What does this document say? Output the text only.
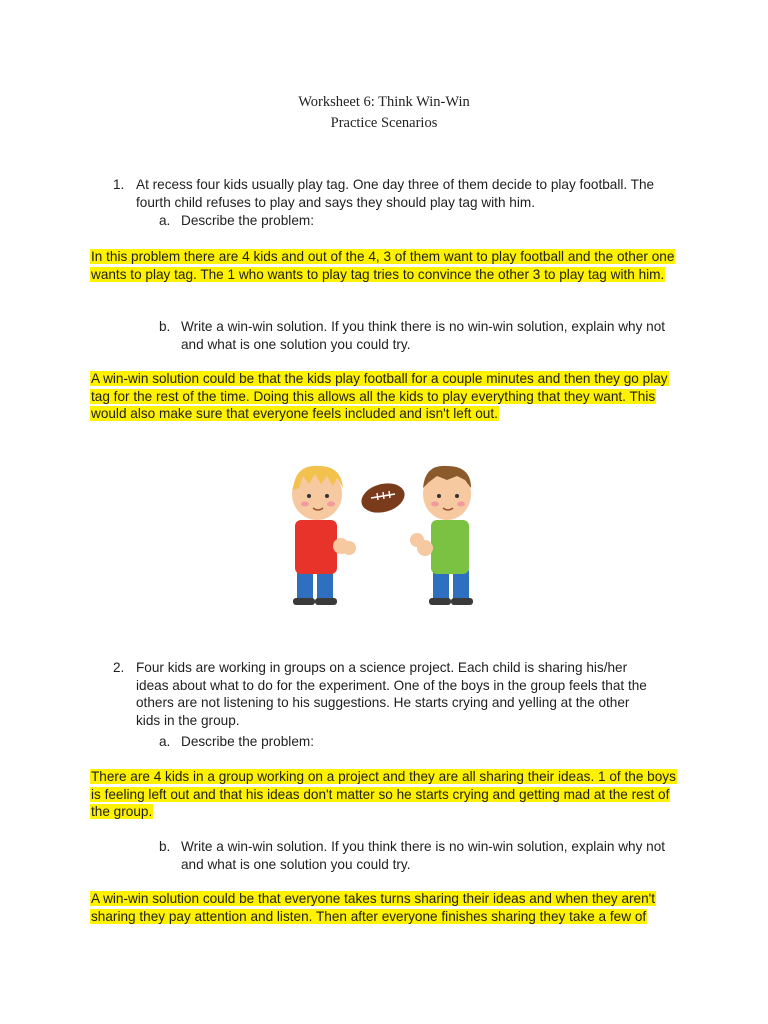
Worksheet 6: Think Win-Win
Practice Scenarios
1. At recess four kids usually play tag. One day three of them decide to play football. The fourth child refuses to play and says they should play tag with him.
a. Describe the problem:
In this problem there are 4 kids and out of the 4, 3 of them want to play football and the other one wants to play tag. The 1 who wants to play tag tries to convince the other 3 to play tag with him.
b. Write a win-win solution. If you think there is no win-win solution, explain why not and what is one solution you could try.
A win-win solution could be that the kids play football for a couple minutes and then they go play tag for the rest of the time. Doing this allows all the kids to play everything that they want. This would also make sure that everyone feels included and isn't left out.
2. Four kids are working in groups on a science project. Each child is sharing his/her ideas about what to do for the experiment. One of the boys in the group feels that the others are not listening to his suggestions. He starts crying and yelling at the other kids in the group.
a. Describe the problem:
There are 4 kids in a group working on a project and they are all sharing their ideas. 1 of the boys is feeling left out and that his ideas don't matter so he starts crying and getting mad at the rest of the group.
b. Write a win-win solution. If you think there is no win-win solution, explain why not and what is one solution you could try.
A win-win solution could be that everyone takes turns sharing their ideas and when they aren't sharing they pay attention and listen. Then after everyone finishes sharing they take a few of
